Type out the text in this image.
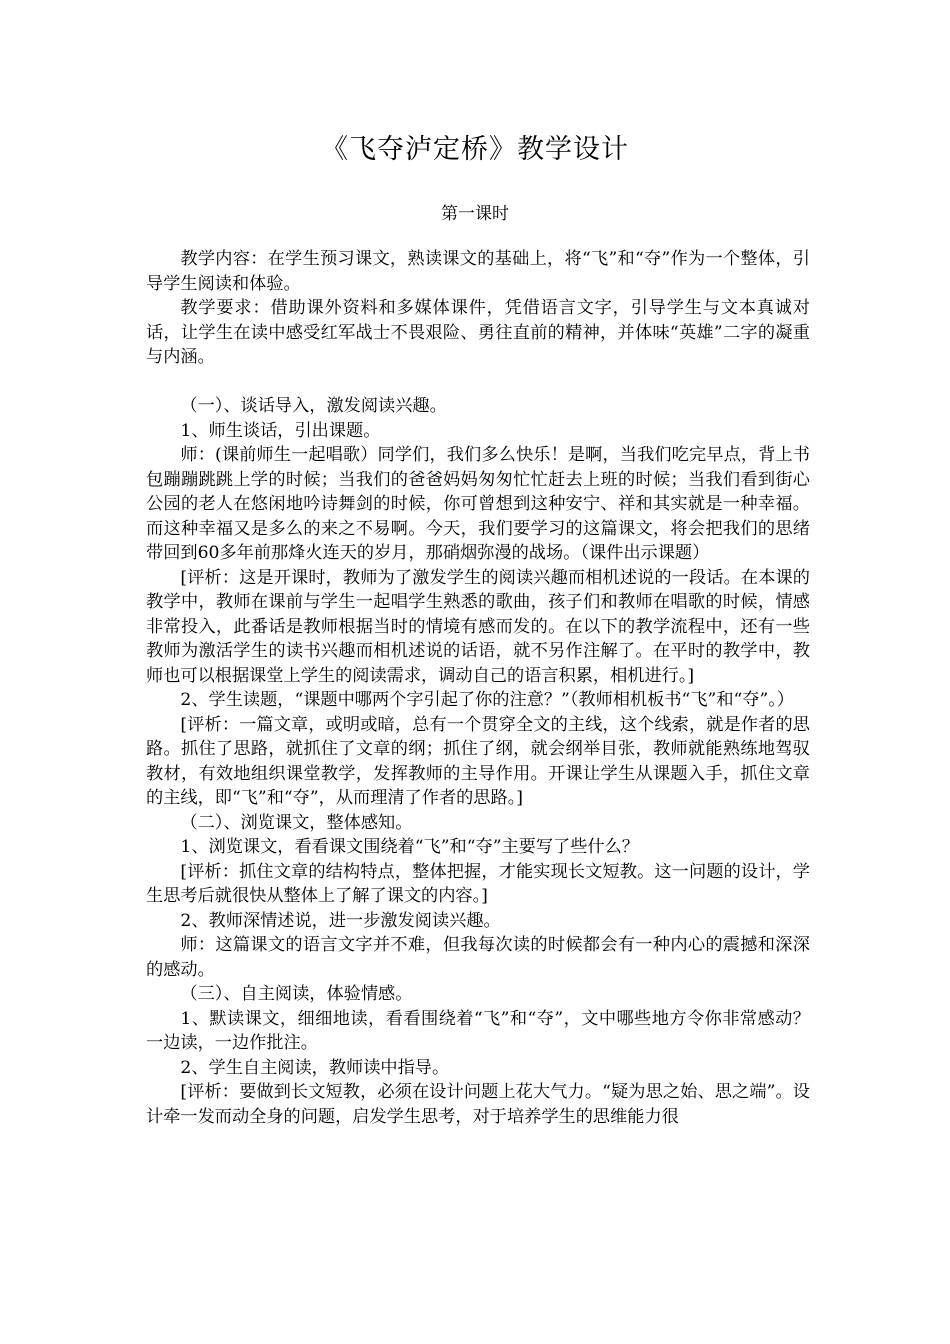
《飞夺泸定桥》教学设计
第一课时

教学内容：在学生预习课文，熟读课文的基础上，将“飞”和“夺”作为一个整体，引导学生阅读和体验。

教学要求：借助课外资料和多媒体课件，凭借语言文字，引导学生与文本真诚对话，让学生在读中感受红军战士不畏艰险、勇往直前的精神，并体味“英雄”二字的凝重与内涵。

（一）、谈话导入，激发阅读兴趣。

1、师生谈话，引出课题。

师：(课前师生一起唱歌）同学们，我们多么快乐！是啊，当我们吃完早点，背上书包蹦蹦跳跳上学的时候；当我们的爸爸妈妈匆匆忙忙赶去上班的时候；当我们看到街心公园的老人在悠闲地吟诗舞剑的时候，你可曾想到这种安宁、祥和其实就是一种幸福。而这种幸福又是多么的来之不易啊。今天，我们要学习的这篇课文，将会把我们的思绪带回到60多年前那烽火连天的岁月，那硝烟弥漫的战场。（课件出示课题）

[评析：这是开课时，教师为了激发学生的阅读兴趣而相机述说的一段话。在本课的教学中，教师在课前与学生一起唱学生熟悉的歌曲，孩子们和教师在唱歌的时候，情感非常投入，此番话是教师根据当时的情境有感而发的。在以下的教学流程中，还有一些教师为激活学生的读书兴趣而相机述说的话语，就不另作注解了。在平时的教学中，教师也可以根据课堂上学生的阅读需求，调动自己的语言积累，相机进行。]

2、学生读题，“课题中哪两个字引起了你的注意？”（教师相机板书“飞”和“夺”。）

[评析：一篇文章，或明或暗，总有一个贯穿全文的主线，这个线索，就是作者的思路。抓住了思路，就抓住了文章的纲；抓住了纲，就会纲举目张，教师就能熟练地驾驭教材，有效地组织课堂教学，发挥教师的主导作用。开课让学生从课题入手，抓住文章的主线，即“飞”和“夺”，从而理清了作者的思路。]

（二）、浏览课文，整体感知。

1、浏览课文，看看课文围绕着“飞”和“夺”主要写了些什么？

[评析：抓住文章的结构特点，整体把握，才能实现长文短教。这一问题的设计，学生思考后就很快从整体上了解了课文的内容。]

2、教师深情述说，进一步激发阅读兴趣。

师：这篇课文的语言文字并不难，但我每次读的时候都会有一种内心的震撼和深深的感动。

（三）、自主阅读，体验情感。

1、默读课文，细细地读，看看围绕着“飞”和“夺”，文中哪些地方令你非常感动？一边读，一边作批注。

2、学生自主阅读，教师读中指导。

[评析：要做到长文短教，必须在设计问题上花大气力。“疑为思之始、思之端”。设计牵一发而动全身的问题，启发学生思考，对于培养学生的思维能力很
